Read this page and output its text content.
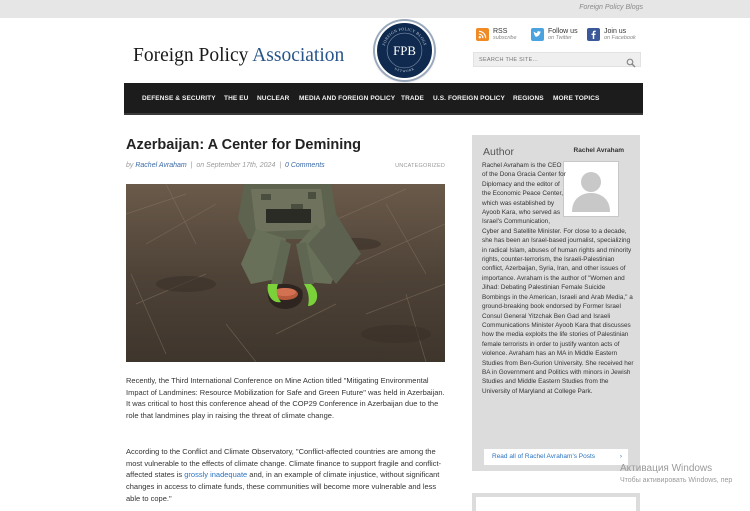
Foreign Policy Blogs
Foreign Policy Association
FOREIGN POLICY BLOGS
NETWORK
FPB
RSS
subscribe
Follow us
on Twitter
Join us
on Facebook
SEARCH THE SITE...
DEFENSE & SECURITY THE EU NUCLEAR MEDIA AND FOREIGN POLICY TRADE U.S. FOREIGN POLICY REGIONS MORE TOPICS
Azerbaijan: A Center for Demining
by Rachel Avraham  |  on September 17th, 2024  |  0 Comments	UNCATEGORIZED

Recently, the Third International Conference on Mine Action titled "Mitigating Environmental Impact of Landmines: Resource Mobilization for Safe and Green Future" was held in Azerbaijan. It was critical to host this conference ahead of the COP29 Conference in Azerbaijan due to the role that landmines play in raising the threat of climate change.

According to the Conflict and Climate Observatory, "Conflict-affected countries are among the most vulnerable to the effects of climate change. Climate finance to support fragile and conflict-affected states is grossly inadequate and, in an example of climate injustice, without significant changes in access to climate funds, these communities will become more vulnerable and less able to cope."

Author	Rachel Avraham
Rachel Avraham is the CEO of the Dona Gracia Center for Diplomacy and the editor of the Economic Peace Center, which was established by Ayoob Kara, who served as Israel's Communication, Cyber and Satellite Minister. For close to a decade, she has been an Israel-based journalist, specializing in radical Islam, abuses of human rights and minority rights, counter-terrorism, the Israeli-Palestinian conflict, Azerbaijan, Syria, Iran, and other issues of importance. Avraham is the author of "Women and Jihad: Debating Palestinian Female Suicide Bombings in the American, Israeli and Arab Media," a ground-breaking book endorsed by Former Israel Consul General Yitzchak Ben Gad and Israeli Communications Minister Ayoob Kara that discusses how the media exploits the life stories of Palestinian female terrorists in order to justify wanton acts of violence. Avraham has an MA in Middle Eastern Studies from Ben-Gurion University. She received her BA in Government and Politics with minors in Jewish Studies and Middle Eastern Studies from the University of Maryland at College Park.
Read all of Rachel Avraham's Posts	›
Активация Windows
Чтобы активировать Windows, пер
